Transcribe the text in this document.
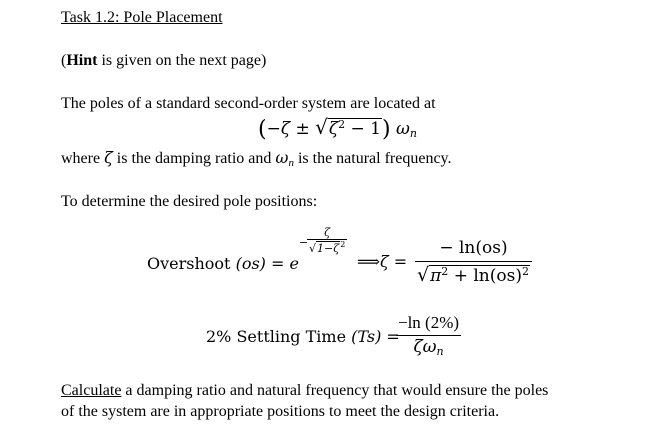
Task 1.2: Pole Placement
(Hint is given on the next page)
The poles of a standard second-order system are located at
$(-\zeta \pm √\zeta^2 - 1)$ $\omega_n$
where ζ is the damping ratio and $\omega_n$ is the natural frequency.
To determine the desired pole positions:
Overshoot (os) = e
−
$\frac{\zeta}{√1-\zeta^2}$
⟹ζ = $\frac{- \ln(os)}{√\pi^2 + \ln(os)^2}$
2% Settling Time (Ts) =
−ln (2%)
$\zeta\omega_n$
Calculate a damping ratio and natural frequency that would ensure the poles
of the system are in appropriate positions to meet the design criteria.
